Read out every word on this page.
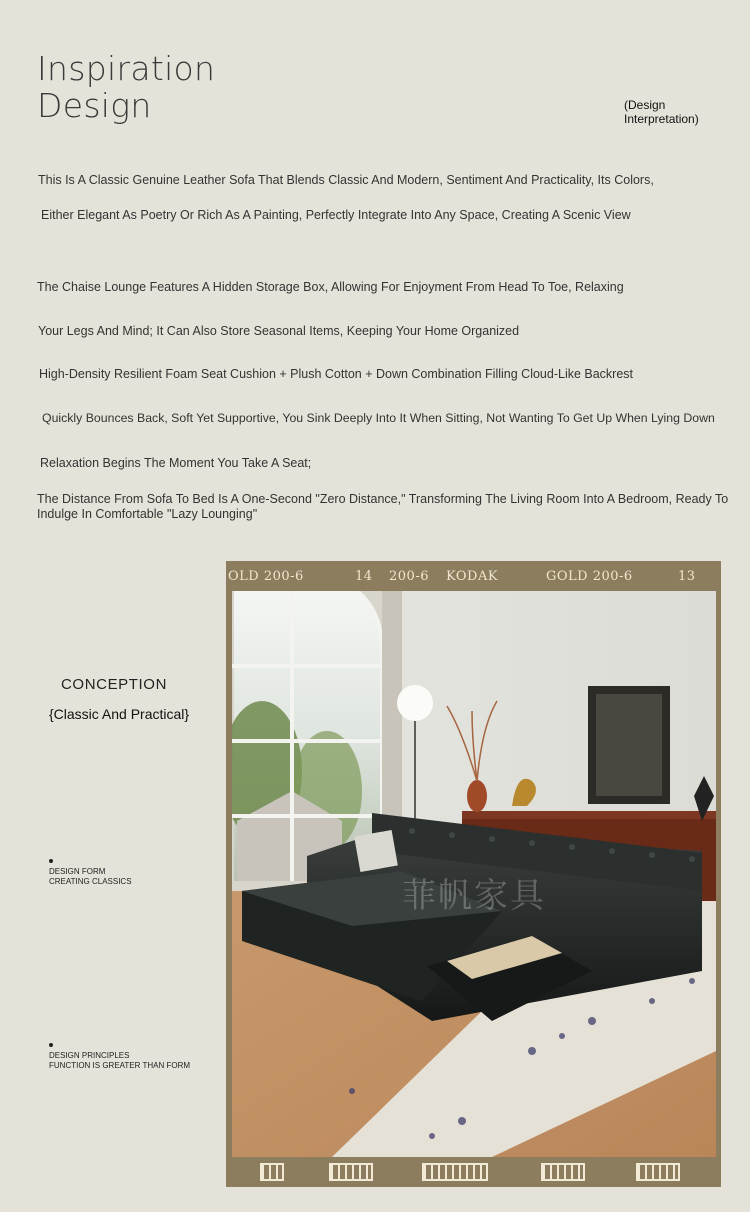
Inspiration
Design	(Design
Interpretation)
This Is A Classic Genuine Leather Sofa That Blends Classic And Modern, Sentiment And Practicality, Its Colors,
Either Elegant As Poetry Or Rich As A Painting, Perfectly Integrate Into Any Space, Creating A Scenic View
The Chaise Lounge Features A Hidden Storage Box, Allowing For Enjoyment From Head To Toe, Relaxing
Your Legs And Mind; It Can Also Store Seasonal Items, Keeping Your Home Organized
High-Density Resilient Foam Seat Cushion + Plush Cotton + Down Combination Filling Cloud-Like Backrest
Quickly Bounces Back, Soft Yet Supportive, You Sink Deeply Into It When Sitting, Not Wanting To Get Up When Lying Down
Relaxation Begins The Moment You Take A Seat;
The Distance From Sofa To Bed Is A One-Second "Zero Distance," Transforming The Living Room Into A Bedroom, Ready To Indulge In Comfortable "Lazy Lounging"
CONCEPTION
{Classic And Practical}
DESIGN FORM
CREATING CLASSICS
DESIGN PRINCIPLES
FUNCTION IS GREATER THAN FORM
OLD 200-6	14 200-6 KODAK	GOLD 200-6	13
菲帆家具
